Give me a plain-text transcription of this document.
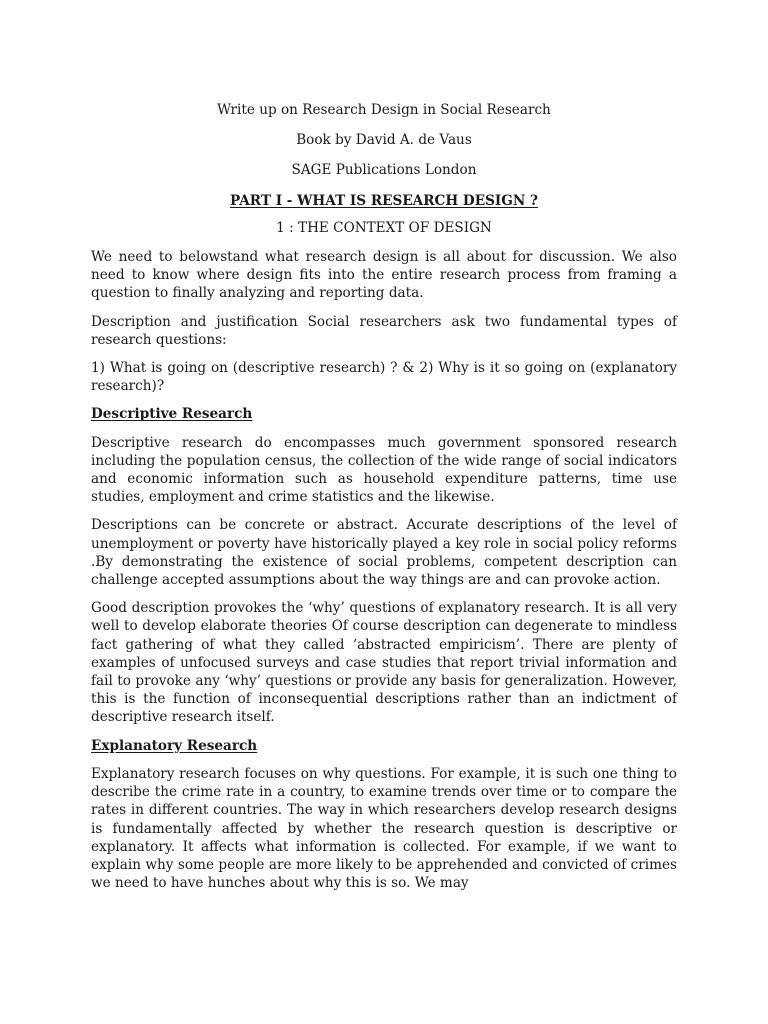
Write up on Research Design in Social Research

Book by David A. de Vaus

SAGE Publications London

PART I - WHAT IS RESEARCH DESIGN ?

1 : THE CONTEXT OF DESIGN

We need to belowstand what research design is all about for discussion. We also need to know where design fits into the entire research process from framing a question to finally analyzing and reporting data.

Description and justification Social researchers ask two fundamental types of research questions:

1) What is going on (descriptive research) ? & 2) Why is it so going on (explanatory research)?

Descriptive Research

Descriptive research do encompasses much government sponsored research including the population census, the collection of the wide range of social indicators and economic information such as household expenditure patterns, time use studies, employment and crime statistics and the likewise.

Descriptions can be concrete or abstract. Accurate descriptions of the level of unemployment or poverty have historically played a key role in social policy reforms .By demonstrating the existence of social problems, competent description can challenge accepted assumptions about the way things are and can provoke action.

Good description provokes the ‘why’ questions of explanatory research. It is all very well to develop elaborate theories Of course description can degenerate to mindless fact gathering of what they called ‘abstracted empiricism’. There are plenty of examples of unfocused surveys and case studies that report trivial information and fail to provoke any ‘why’ questions or provide any basis for generalization. However, this is the function of inconsequential descriptions rather than an indictment of descriptive research itself.

Explanatory Research

Explanatory research focuses on why questions. For example, it is such one thing to describe the crime rate in a country, to examine trends over time or to compare the rates in different countries. The way in which researchers develop research designs is fundamentally affected by whether the research question is descriptive or explanatory. It affects what information is collected. For example, if we want to explain why some people are more likely to be apprehended and convicted of crimes we need to have hunches about why this is so. We may
